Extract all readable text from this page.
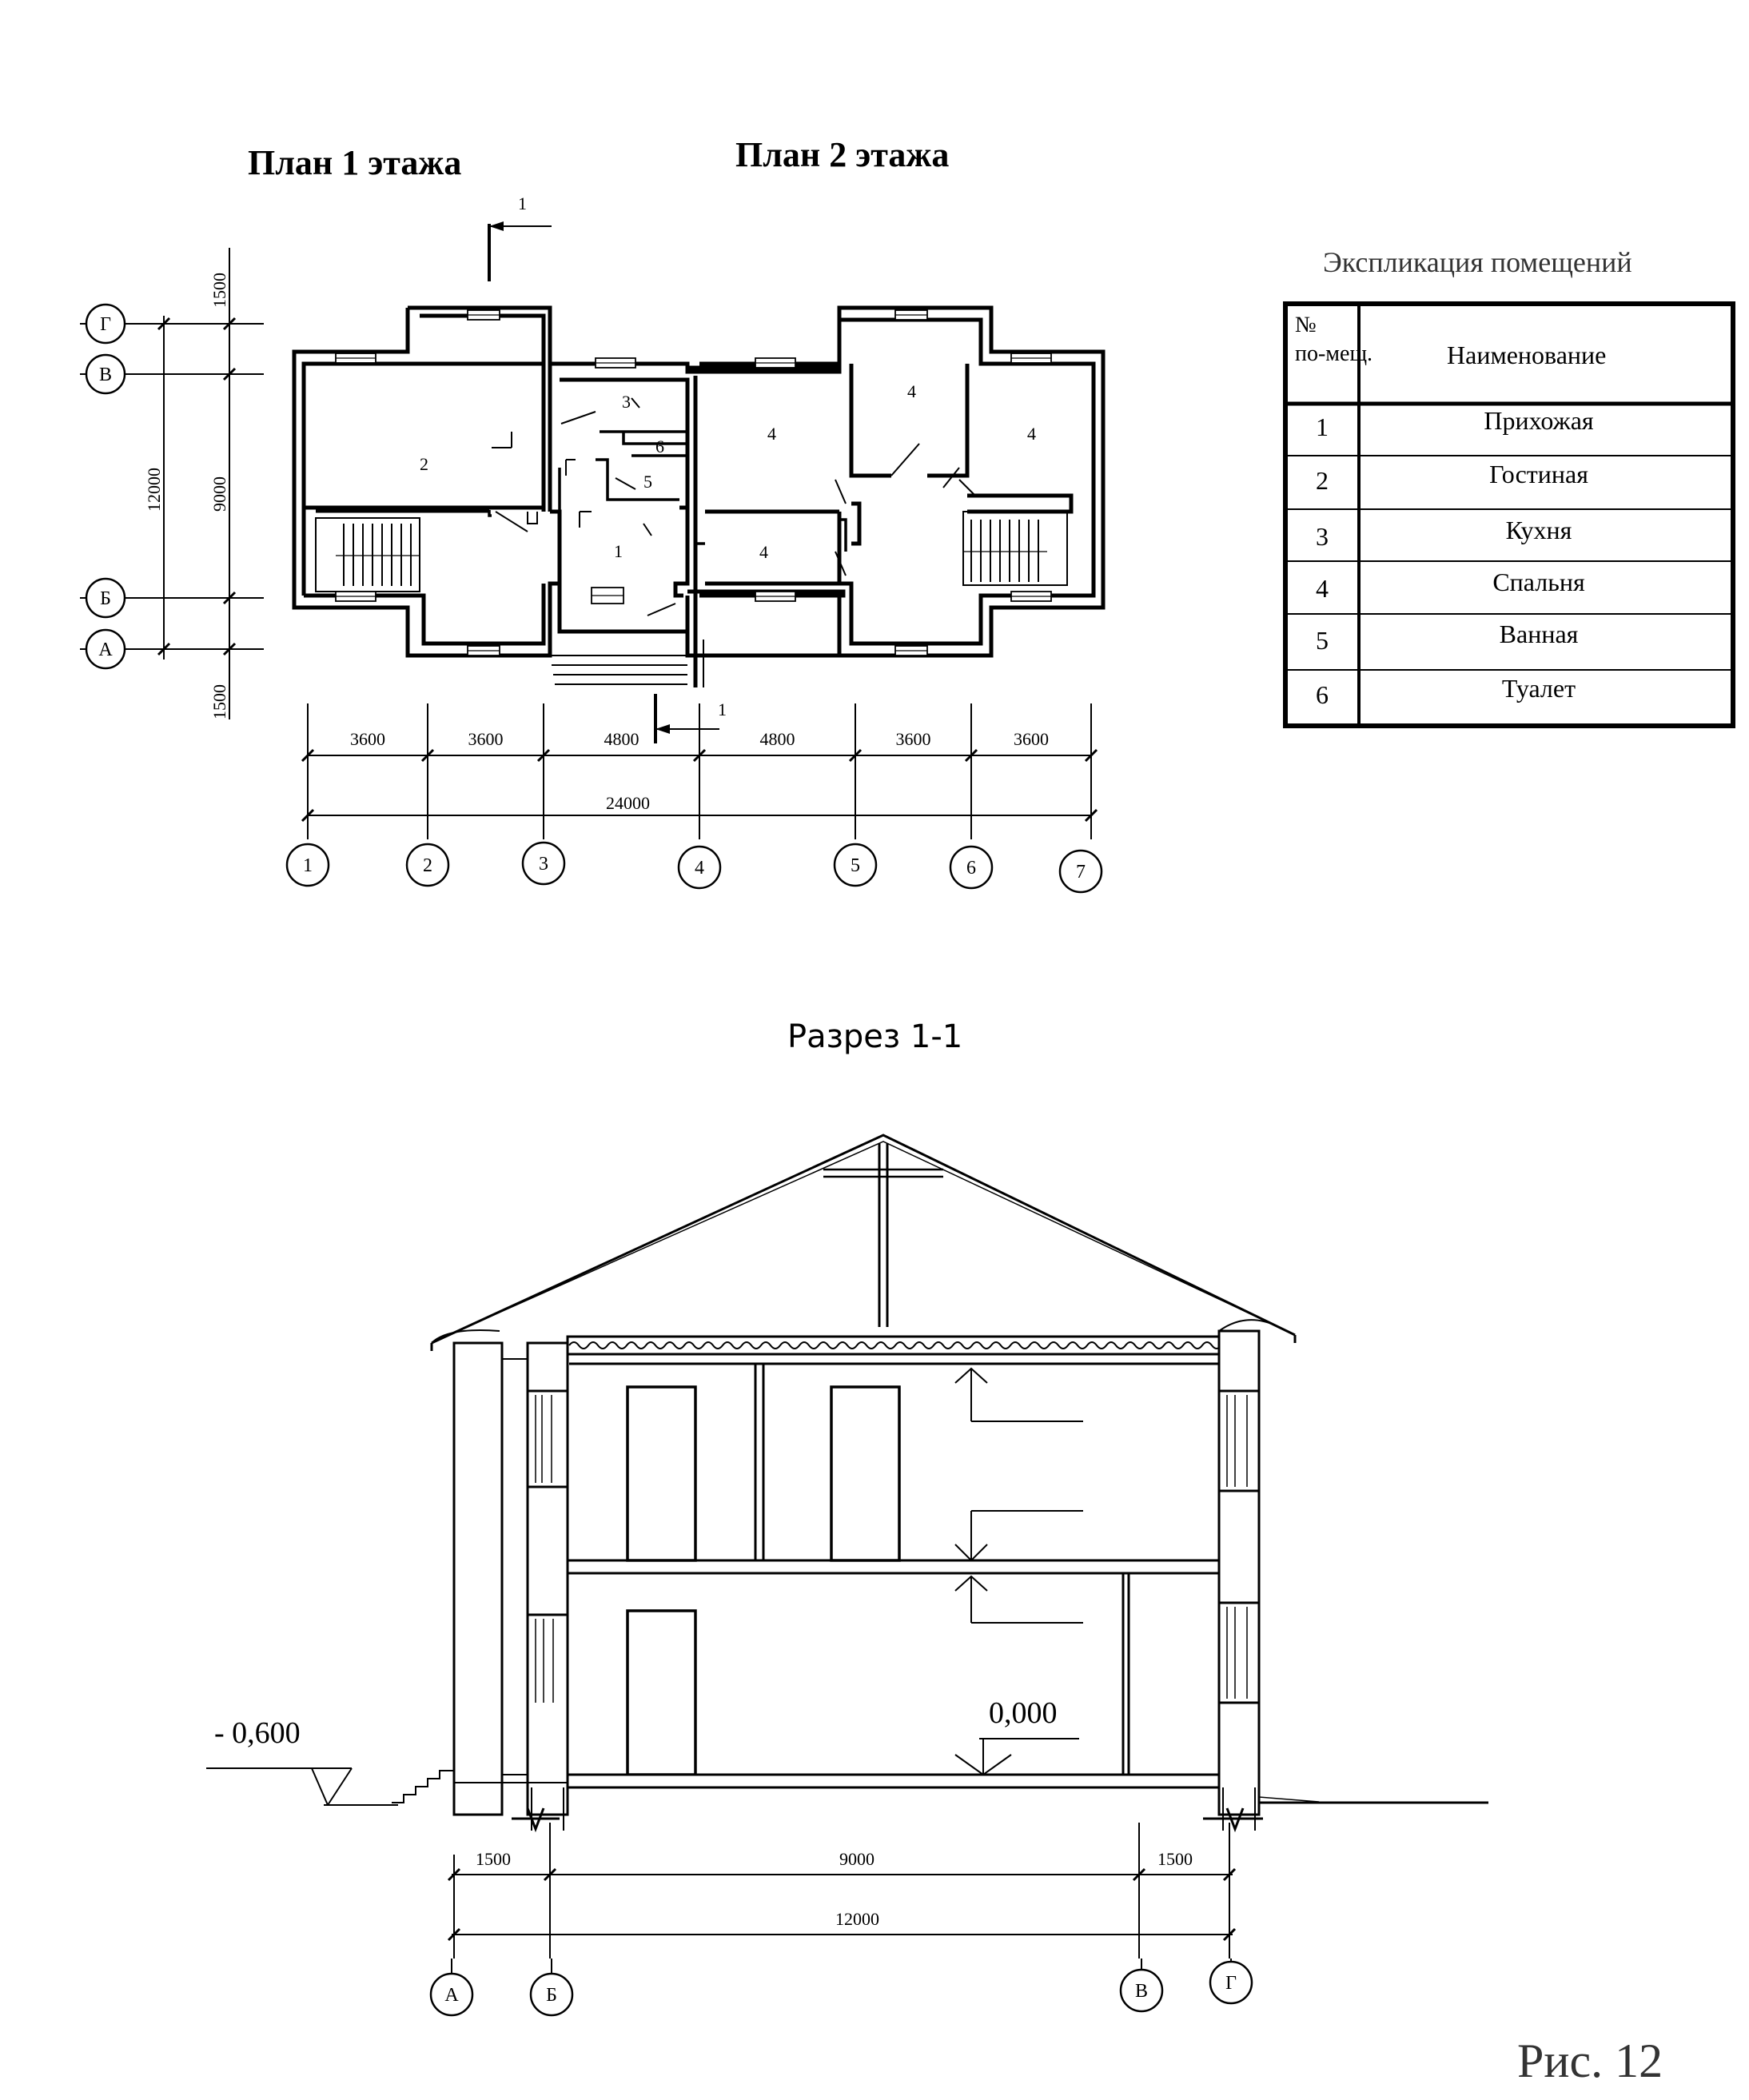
План 1 этажа	План 2 этажа
Разрез 1-1
Рис. 12
Экспликация помещений
№ по-мещ.	Наименование
1	Прихожая
2	Гостиная
3	Кухня
4	Спальня
5	Ванная
6	Туалет
1
1
2
3
6
5
1
4
4
4
4
1500
9000
1500
12000
Г
В
Б
А
3600	3600	4800	4800	3600	3600
24000
1	2	3	4	5	6	7
- 0,600
0,000
1500	9000	1500
12000
А	Б	В	Г
